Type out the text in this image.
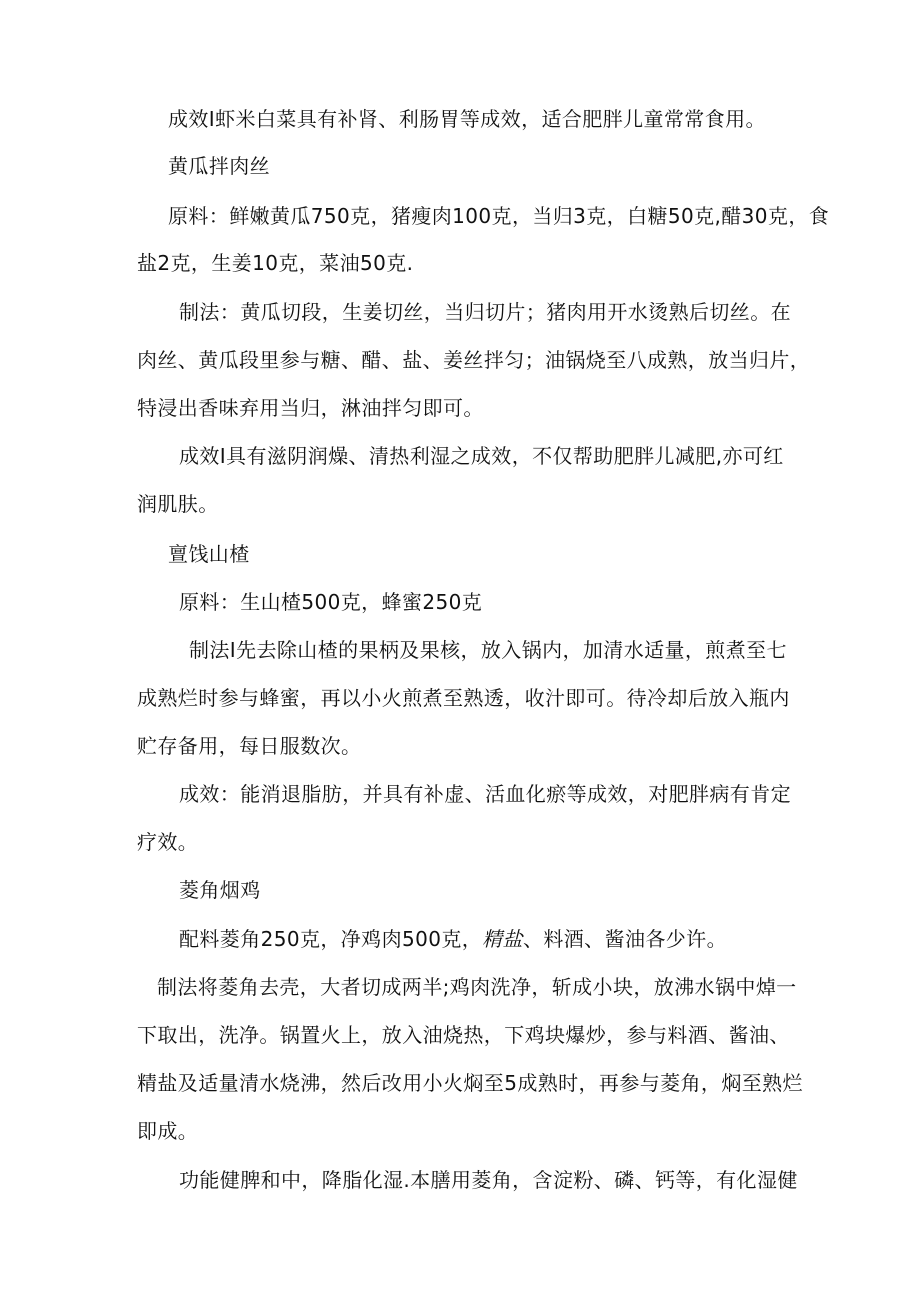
成效I虾米白菜具有补肾、利肠胃等成效，适合肥胖儿童常常食用。
黄瓜拌肉丝
原料：鲜嫩黄瓜750克，猪瘦肉100克，当归3克，白糖50克,醋30克，食
盐2克，生姜10克，菜油50克.
制法：黄瓜切段，生姜切丝，当归切片；猪肉用开水烫熟后切丝。在
肉丝、黄瓜段里参与糖、醋、盐、姜丝拌匀；油锅烧至八成熟，放当归片，
特浸出香味弃用当归，淋油拌匀即可。
成效I具有滋阴润燥、清热利湿之成效，不仅帮助肥胖儿减肥,亦可红
润肌肤。
亶饯山楂
原料：生山楂500克，蜂蜜250克
制法I先去除山楂的果柄及果核，放入锅内，加清水适量，煎煮至七
成熟烂时参与蜂蜜，再以小火煎煮至熟透，收汁即可。待冷却后放入瓶内
贮存备用，每日服数次。
成效：能消退脂肪，并具有补虚、活血化瘀等成效，对肥胖病有肯定
疗效。
菱角烟鸡
配料菱角250克，净鸡肉500克，精盐、料酒、酱油各少许。
制法将菱角去壳，大者切成两半;鸡肉洗净，斩成小块，放沸水锅中焯一
下取出，洗净。锅置火上，放入油烧热，下鸡块爆炒，参与料酒、酱油、
精盐及适量清水烧沸，然后改用小火焖至5成熟时，再参与菱角，焖至熟烂
即成。
功能健脾和中，降脂化湿.本膳用菱角，含淀粉、磷、钙等，有化湿健
